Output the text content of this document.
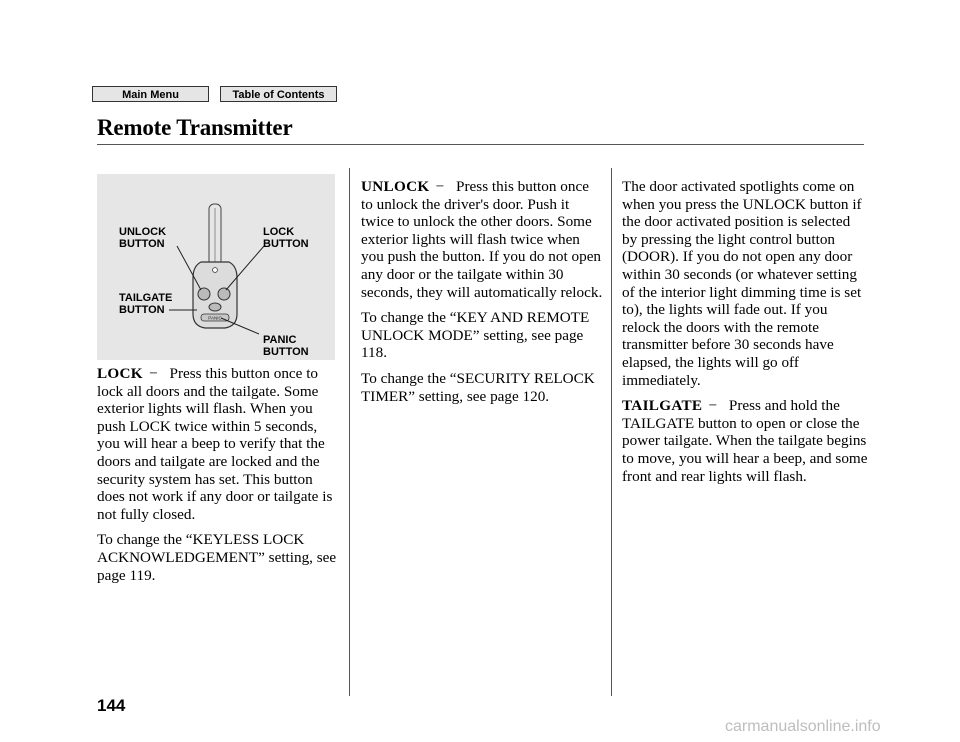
Main Menu	Table of Contents
Remote Transmitter
PANIC
UNLOCK
BUTTON
LOCK
BUTTON
TAILGATE
BUTTON
PANIC
BUTTON

LOCK − Press this button once to lock all doors and the tailgate. Some exterior lights will flash. When you push LOCK twice within 5 seconds, you will hear a beep to verify that the doors and tailgate are locked and the security system has set. This button does not work if any door or tailgate is not fully closed.

To change the “KEYLESS LOCK ACKNOWLEDGEMENT” setting, see page 119.

UNLOCK − Press this button once to unlock the driver's door. Push it twice to unlock the other doors. Some exterior lights will flash twice when you push the button. If you do not open any door or the tailgate within 30 seconds, they will automatically relock.

To change the “KEY AND REMOTE UNLOCK MODE” setting, see page 118.

To change the “SECURITY RELOCK TIMER” setting, see page 120.

The door activated spotlights come on when you press the UNLOCK button if the door activated position is selected by pressing the light control button (DOOR). If you do not open any door within 30 seconds (or whatever setting of the interior light dimming time is set to), the lights will fade out. If you relock the doors with the remote transmitter before 30 seconds have elapsed, the lights will go off immediately.

TAILGATE − Press and hold the TAILGATE button to open or close the power tailgate. When the tailgate begins to move, you will hear a beep, and some front and rear lights will flash.

144
carmanualsonline.info
